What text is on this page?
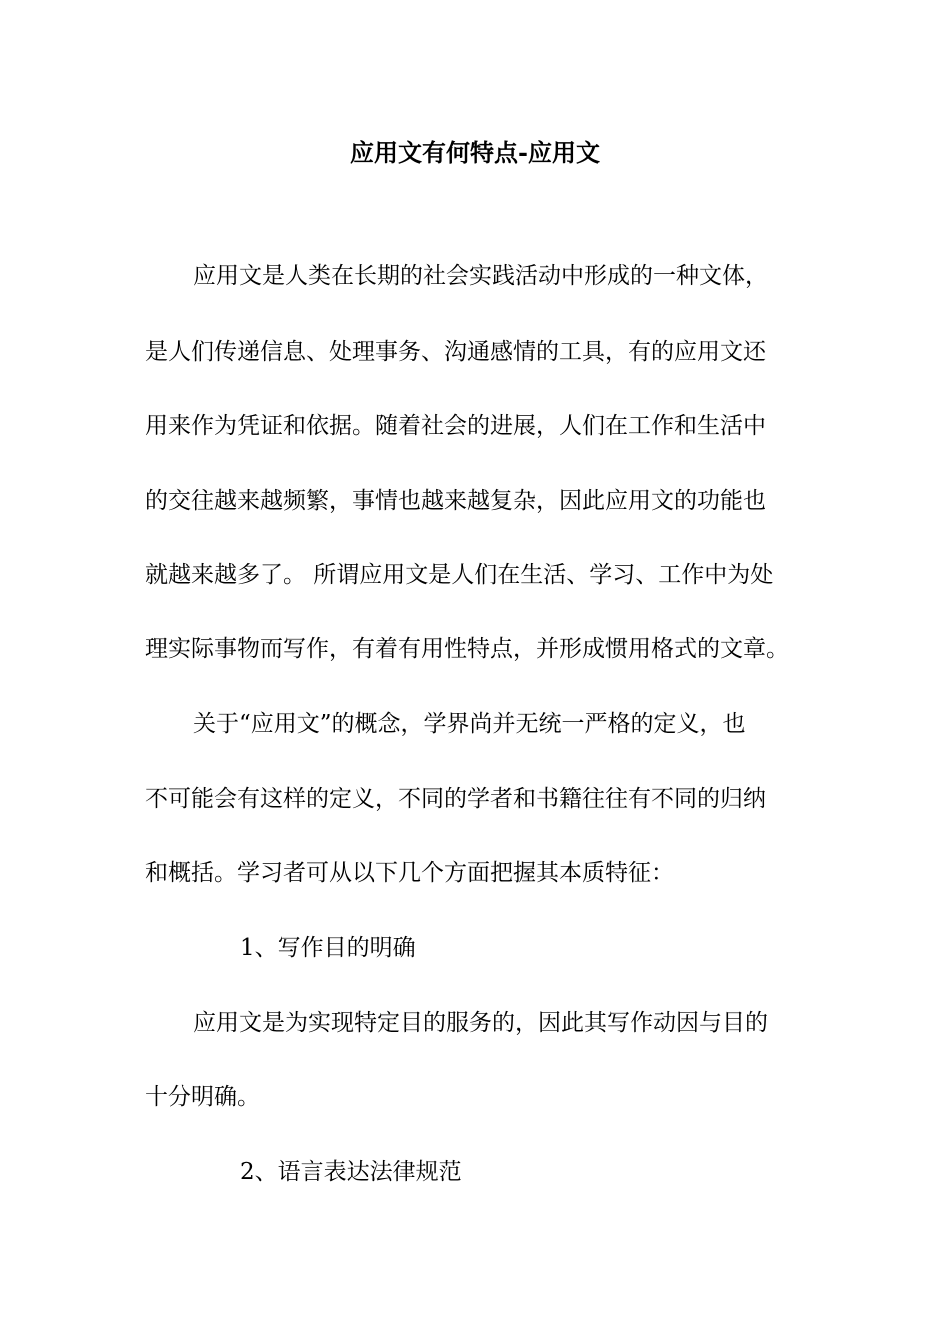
应用文有何特点-应用文

应用文是人类在长期的社会实践活动中形成的一种文体，

是人们传递信息、处理事务、沟通感情的工具，有的应用文还

用来作为凭证和依据。随着社会的进展，人们在工作和生活中

的交往越来越频繁，事情也越来越复杂，因此应用文的功能也

就越来越多了。 所谓应用文是人们在生活、学习、工作中为处

理实际事物而写作，有着有用性特点，并形成惯用格式的文章。

关于“应用文”的概念，学界尚并无统一严格的定义，也

不可能会有这样的定义，不同的学者和书籍往往有不同的归纳

和概括。学习者可从以下几个方面把握其本质特征：

1、写作目的明确

应用文是为实现特定目的服务的，因此其写作动因与目的

十分明确。

2、语言表达法律规范
